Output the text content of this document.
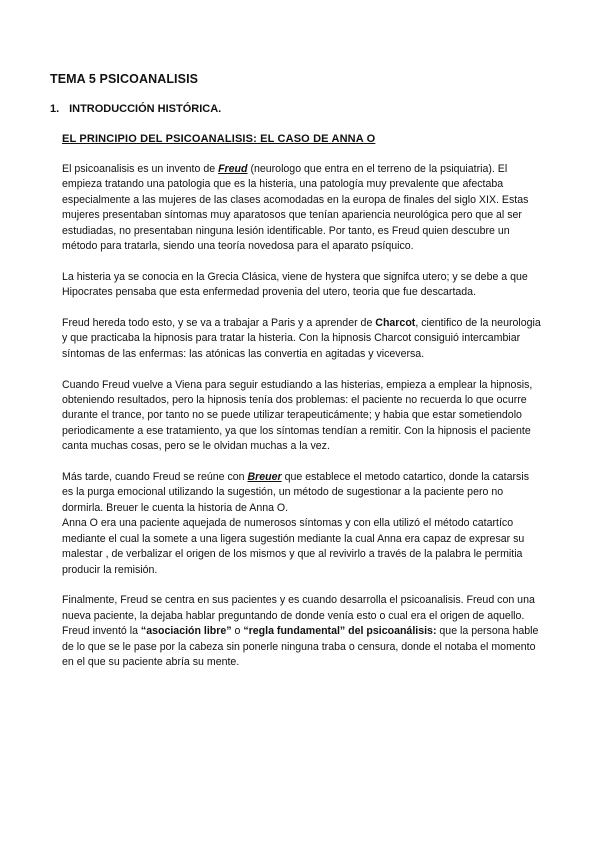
TEMA 5 PSICOANALISIS
1. INTRODUCCIÓN HISTÓRICA.
EL PRINCIPIO DEL PSICOANALISIS: EL CASO DE ANNA O

El psicoanalisis es un invento de Freud (neurologo que entra en el terreno de la psiquiatria). El empieza tratando una patologia que es la histeria, una patología muy prevalente que afectaba especialmente a las mujeres de las clases acomodadas en la europa de finales del siglo XIX. Estas mujeres presentaban síntomas muy aparatosos que tenían apariencia neurológica pero que al ser estudiadas, no presentaban ninguna lesión identificable. Por tanto, es Freud quien descubre un método para tratarla, siendo una teoría novedosa para el aparato psíquico.

La histeria ya se conocia en la Grecia Clásica, viene de hystera que signifca utero; y se debe a que Hipocrates pensaba que esta enfermedad provenia del utero, teoria que fue descartada.

Freud hereda todo esto, y se va a trabajar a Paris y a aprender de Charcot, cientifico de la neurologia y que practicaba la hipnosis para tratar la histeria. Con la hipnosis Charcot consiguió intercambiar síntomas de las enfermas: las atónicas las convertia en agitadas y viceversa.

Cuando Freud vuelve a Viena para seguir estudiando a las histerias, empieza a emplear la hipnosis, obteniendo resultados, pero la hipnosis tenía dos problemas: el paciente no recuerda lo que ocurre durante el trance, por tanto no se puede utilizar terapeuticámente; y habia que estar sometiendolo periodicamente a ese tratamiento, ya que los síntomas tendían a remitir. Con la hipnosis el paciente canta muchas cosas, pero se le olvidan muchas a la vez.

Más tarde, cuando Freud se reúne con Breuer que establece el metodo catartico, donde la catarsis es la purga emocional utilizando la sugestión, un método de sugestionar a la paciente pero no dormirla. Breuer le cuenta la historia de Anna O.

Anna O era una paciente aquejada de numerosos síntomas y con ella utilizó el método catartíco mediante el cual la somete a una ligera sugestión mediante la cual Anna era capaz de expresar su malestar , de verbalizar el origen de los mismos y que al revivirlo a través de la palabra le permitia producir la remisión.

Finalmente, Freud se centra en sus pacientes y es cuando desarrolla el psicoanalisis. Freud con una nueva paciente, la dejaba hablar preguntando de donde venía esto o cual era el origen de aquello. Freud inventó la “asociación libre” o “regla fundamental” del psicoanálisis: que la persona hable de lo que se le pase por la cabeza sin ponerle ninguna traba o censura, donde el notaba el momento en el que su paciente abría su mente.
